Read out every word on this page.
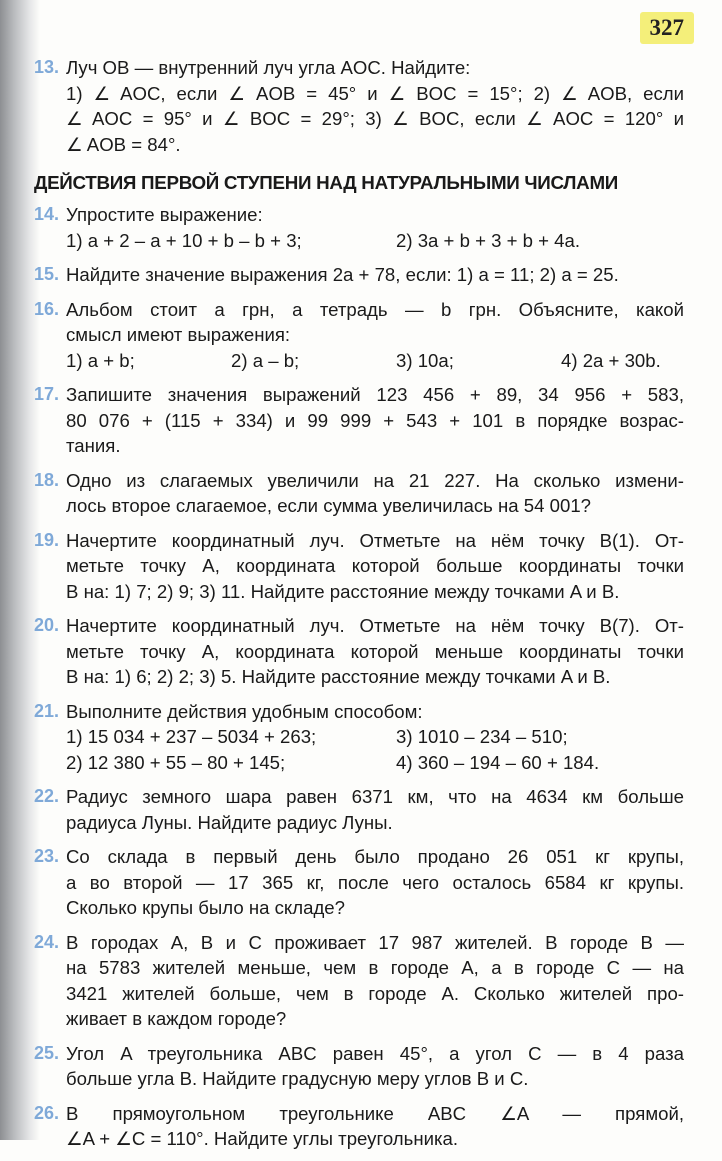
327
13. Луч OB — внутренний луч угла AOC. Найдите:
1) ∠ AOC, если ∠ AOB = 45° и ∠ BOC = 15°; 2) ∠ AOB, если
∠ AOC = 95° и ∠ BOC = 29°; 3) ∠ BOC, если ∠ AOC = 120° и
∠ AOB = 84°.
ДЕЙСТВИЯ ПЕРВОЙ СТУПЕНИ НАД НАТУРАЛЬНЫМИ ЧИСЛАМИ
14. Упростите выражение:
1) a + 2 – a + 10 + b – b + 3;	2) 3a + b + 3 + b + 4a.
15. Найдите значение выражения 2a + 78, если: 1) a = 11; 2) a = 25.
16. Альбом стоит a грн, а тетрадь — b грн. Объясните, какой
смысл имеют выражения:
1) a + b;	2) a – b;	3) 10a;	4) 2a + 30b.
17. Запишите значения выражений 123 456 + 89, 34 956 + 583,
80 076 + (115 + 334) и 99 999 + 543 + 101 в порядке возрас-
тания.
18. Одно из слагаемых увеличили на 21 227. На сколько измени-
лось второе слагаемое, если сумма увеличилась на 54 001?
19. Начертите координатный луч. Отметьте на нём точку B(1). От-
метьте точку A, координата которой больше координаты точки
B на: 1) 7; 2) 9; 3) 11. Найдите расстояние между точками A и B.
20. Начертите координатный луч. Отметьте на нём точку B(7). От-
метьте точку A, координата которой меньше координаты точки
B на: 1) 6; 2) 2; 3) 5. Найдите расстояние между точками A и B.
21. Выполните действия удобным способом:
1) 15 034 + 237 – 5034 + 263;	3) 1010 – 234 – 510;
2) 12 380 + 55 – 80 + 145;	4) 360 – 194 – 60 + 184.
22. Радиус земного шара равен 6371 км, что на 4634 км больше
радиуса Луны. Найдите радиус Луны.
23. Со склада в первый день было продано 26 051 кг крупы,
а во второй — 17 365 кг, после чего осталось 6584 кг крупы.
Сколько крупы было на складе?
24. В городах A, B и C проживает 17 987 жителей. В городе B —
на 5783 жителей меньше, чем в городе A, а в городе C — на
3421 жителей больше, чем в городе A. Сколько жителей про-
живает в каждом городе?
25. Угол A треугольника ABC равен 45°, а угол C — в 4 раза
больше угла B. Найдите градусную меру углов B и C.
26. В прямоугольном треугольнике ABC ∠A — прямой,
∠A + ∠C = 110°. Найдите углы треугольника.
